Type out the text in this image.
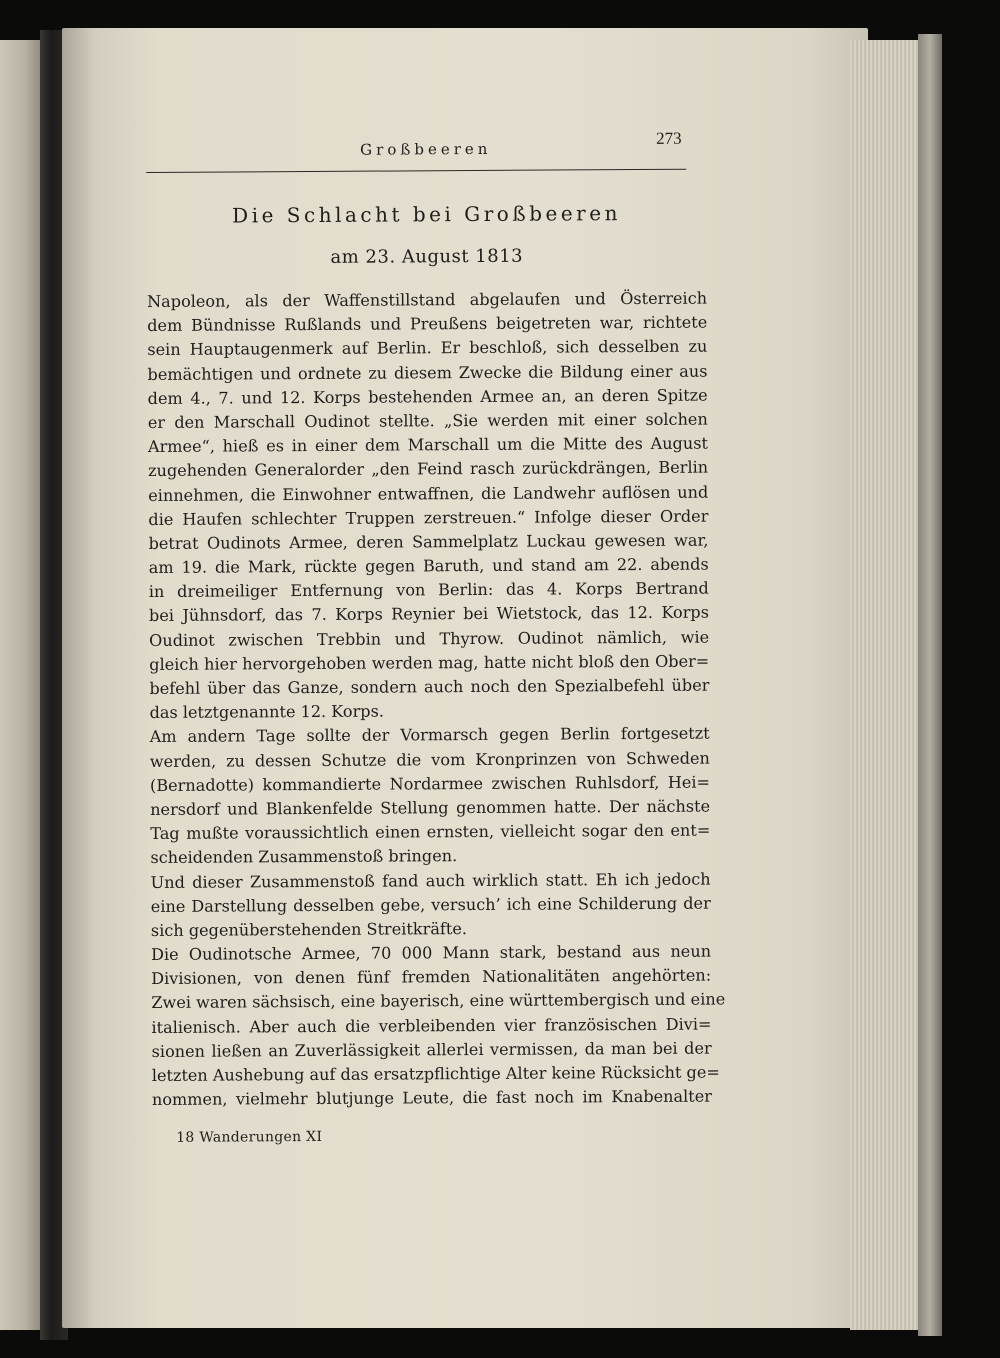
Großbeeren
273
Die Schlacht bei Großbeeren
am 23. August 1813
Napoleon, als der Waffenstillstand abgelaufen und Österreich
dem Bündnisse Rußlands und Preußens beigetreten war, richtete
sein Hauptaugenmerk auf Berlin. Er beschloß, sich desselben zu
bemächtigen und ordnete zu diesem Zwecke die Bildung einer aus
dem 4., 7. und 12. Korps bestehenden Armee an, an deren Spitze
er den Marschall Oudinot stellte. „Sie werden mit einer solchen
Armee“, hieß es in einer dem Marschall um die Mitte des August
zugehenden Generalorder „den Feind rasch zurückdrängen, Berlin
einnehmen, die Einwohner entwaffnen, die Landwehr auflösen und
die Haufen schlechter Truppen zerstreuen.“ Infolge dieser Order
betrat Oudinots Armee, deren Sammelplatz Luckau gewesen war,
am 19. die Mark, rückte gegen Baruth, und stand am 22. abends
in dreimeiliger Entfernung von Berlin: das 4. Korps Bertrand
bei Jühnsdorf, das 7. Korps Reynier bei Wietstock, das 12. Korps
Oudinot zwischen Trebbin und Thyrow. Oudinot nämlich, wie
gleich hier hervorgehoben werden mag, hatte nicht bloß den Ober=
befehl über das Ganze, sondern auch noch den Spezialbefehl über
das letztgenannte 12. Korps.
Am andern Tage sollte der Vormarsch gegen Berlin fortgesetzt
werden, zu dessen Schutze die vom Kronprinzen von Schweden
(Bernadotte) kommandierte Nordarmee zwischen Ruhlsdorf, Hei=
nersdorf und Blankenfelde Stellung genommen hatte. Der nächste
Tag mußte voraussichtlich einen ernsten, vielleicht sogar den ent=
scheidenden Zusammenstoß bringen.
Und dieser Zusammenstoß fand auch wirklich statt. Eh ich jedoch
eine Darstellung desselben gebe, versuch’ ich eine Schilderung der
sich gegenüberstehenden Streitkräfte.
Die Oudinotsche Armee, 70 000 Mann stark, bestand aus neun
Divisionen, von denen fünf fremden Nationalitäten angehörten:
Zwei waren sächsisch, eine bayerisch, eine württembergisch und eine
italienisch. Aber auch die verbleibenden vier französischen Divi=
sionen ließen an Zuverlässigkeit allerlei vermissen, da man bei der
letzten Aushebung auf das ersatzpflichtige Alter keine Rücksicht ge=
nommen, vielmehr blutjunge Leute, die fast noch im Knabenalter
18 Wanderungen XI
